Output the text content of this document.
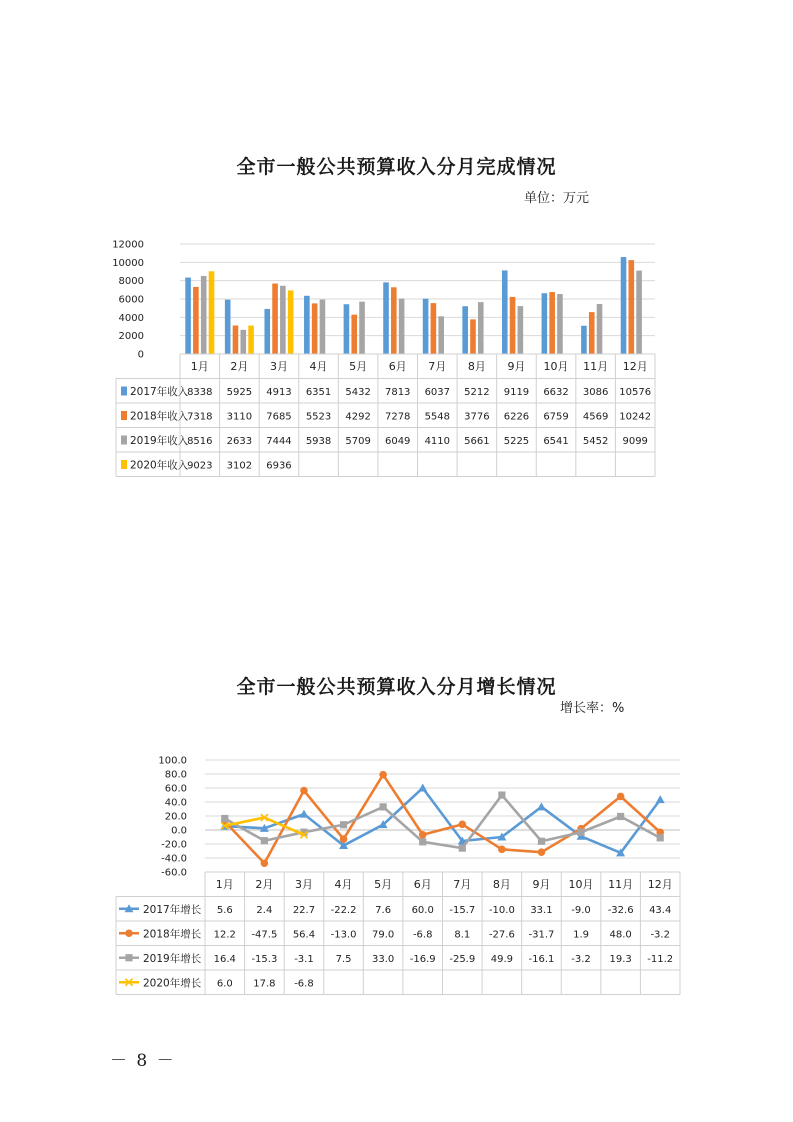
全市一般公共预算收入分月完成情况
单位：万元
12000
10000
8000
6000
4000
2000
0
1月 2月 3月 4月 5月 6月 7月 8月 9月 10月 11月 12月
2017年收入
8338 5925 4913 6351 5432 7813 6037 5212 9119 6632 3086 10576
2018年收入
7318 3110 7685 5523 4292 7278 5548 3776 6226 6759 4569 10242
2019年收入
8516 2633 7444 5938 5709 6049 4110 5661 5225 6541 5452 9099
2020年收入
9023 3102 6936
全市一般公共预算收入分月增长情况
增长率：%
100.0
80.0
60.0
40.0
20.0
0.0
-20.0
-40.0
-60.0
1月 2月 3月 4月 5月 6月 7月 8月 9月 10月 11月 12月
2017年增长 5.6 2.4 22.7 -22.2 7.6 60.0 -15.7 -10.0 33.1 -9.0 -32.6 43.4
2018年增长 12.2 -47.5 56.4 -13.0 79.0 -6.8 8.1 -27.6 -31.7 1.9 48.0 -3.2
2019年增长 16.4 -15.3 -3.1 7.5 33.0 -16.9 -25.9 49.9 -16.1 -3.2 19.3 -11.2
2020年增长 6.0 17.8 -6.8
－ 8 －
